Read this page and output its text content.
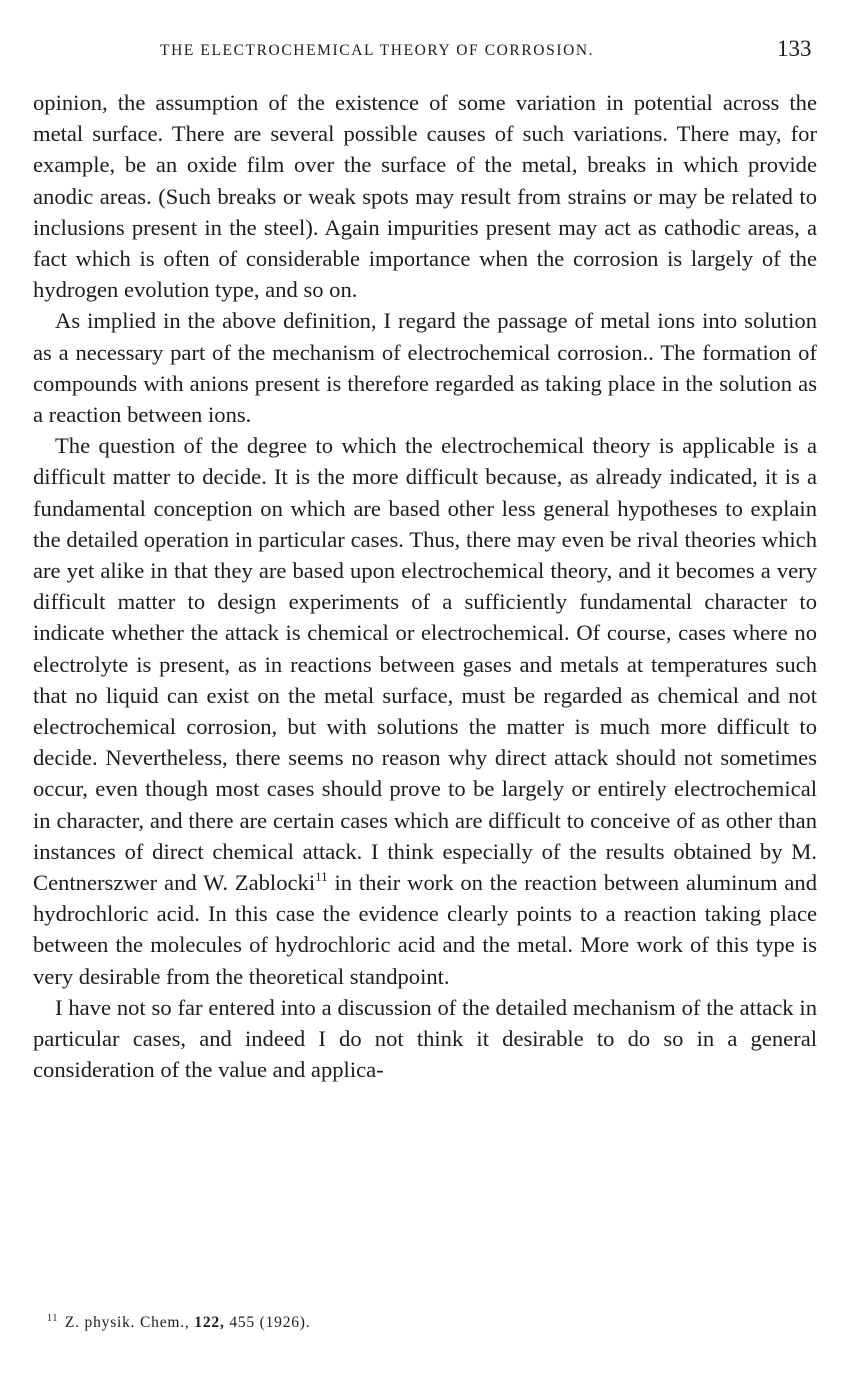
THE ELECTROCHEMICAL THEORY OF CORROSION.	133

opinion, the assumption of the existence of some variation in potential across the metal surface. There are several possible causes of such variations. There may, for example, be an oxide film over the surface of the metal, breaks in which provide anodic areas. (Such breaks or weak spots may result from strains or may be related to inclusions present in the steel). Again impurities present may act as cathodic areas, a fact which is often of considerable importance when the corrosion is largely of the hydrogen evolution type, and so on.

As implied in the above definition, I regard the passage of metal ions into solution as a necessary part of the mechanism of electrochemical corrosion.. The formation of compounds with anions present is therefore regarded as taking place in the solution as a reaction between ions.

The question of the degree to which the electrochemical theory is applicable is a difficult matter to decide. It is the more difficult because, as already indicated, it is a fundamental conception on which are based other less general hypotheses to explain the detailed operation in particular cases. Thus, there may even be rival theories which are yet alike in that they are based upon electrochemical theory, and it becomes a very difficult matter to design experiments of a sufficiently fundamental character to indicate whether the attack is chemical or electrochemical. Of course, cases where no electrolyte is present, as in reactions between gases and metals at temperatures such that no liquid can exist on the metal surface, must be regarded as chemical and not electrochemical corrosion, but with solutions the matter is much more difficult to decide. Nevertheless, there seems no reason why direct attack should not sometimes occur, even though most cases should prove to be largely or entirely electrochemical in character, and there are certain cases which are difficult to conceive of as other than instances of direct chemical attack. I think especially of the results obtained by M. Centnerszwer and W. Zablocki$^{11}$ in their work on the reaction between aluminum and hydrochloric acid. In this case the evidence clearly points to a reaction taking place between the molecules of hydrochloric acid and the metal. More work of this type is very desirable from the theoretical standpoint.

I have not so far entered into a discussion of the detailed mechanism of the attack in particular cases, and indeed I do not think it desirable to do so in a general consideration of the value and applica-

$^{11}$ Z. physik. Chem., 122, 455 (1926).
